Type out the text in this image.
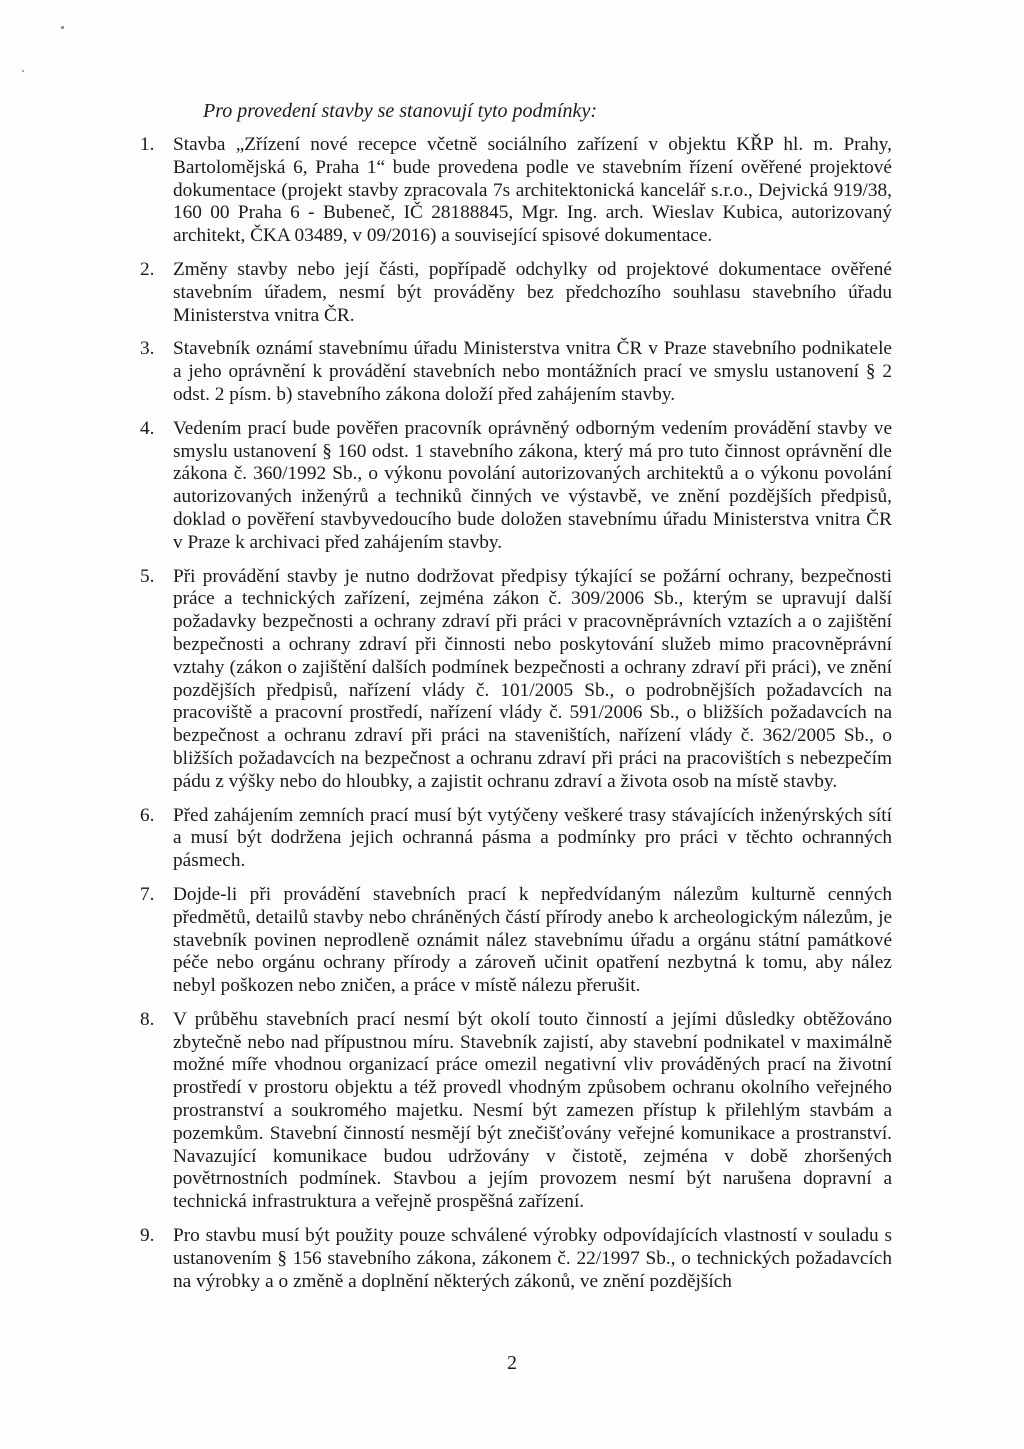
Pro provedení stavby se stanovují tyto podmínky:

1. Stavba „Zřízení nové recepce včetně sociálního zařízení v objektu KŘP hl. m. Prahy, Bartolomějská 6, Praha 1“ bude provedena podle ve stavebním řízení ověřené projektové dokumentace (projekt stavby zpracovala 7s architektonická kancelář s.r.o., Dejvická 919/38, 160 00 Praha 6 - Bubeneč, IČ 28188845, Mgr. Ing. arch. Wieslav Kubica, autorizovaný architekt, ČKA 03489, v 09/2016) a související spisové dokumentace.
2. Změny stavby nebo její části, popřípadě odchylky od projektové dokumentace ověřené stavebním úřadem, nesmí být prováděny bez předchozího souhlasu stavebního úřadu Ministerstva vnitra ČR.
3. Stavebník oznámí stavebnímu úřadu Ministerstva vnitra ČR v Praze stavebního podnikatele a jeho oprávnění k provádění stavebních nebo montážních prací ve smyslu ustanovení § 2 odst. 2 písm. b) stavebního zákona doloží před zahájením stavby.
4. Vedením prací bude pověřen pracovník oprávněný odborným vedením provádění stavby ve smyslu ustanovení § 160 odst. 1 stavebního zákona, který má pro tuto činnost oprávnění dle zákona č. 360/1992 Sb., o výkonu povolání autorizovaných architektů a o výkonu povolání autorizovaných inženýrů a techniků činných ve výstavbě, ve znění pozdějších předpisů, doklad o pověření stavbyvedoucího bude doložen stavebnímu úřadu Ministerstva vnitra ČR v Praze k archivaci před zahájením stavby.
5. Při provádění stavby je nutno dodržovat předpisy týkající se požární ochrany, bezpečnosti práce a technických zařízení, zejména zákon č. 309/2006 Sb., kterým se upravují další požadavky bezpečnosti a ochrany zdraví při práci v pracovněprávních vztazích a o zajištění bezpečnosti a ochrany zdraví při činnosti nebo poskytování služeb mimo pracovněprávní vztahy (zákon o zajištění dalších podmínek bezpečnosti a ochrany zdraví při práci), ve znění pozdějších předpisů, nařízení vlády č. 101/2005 Sb., o podrobnějších požadavcích na pracoviště a pracovní prostředí, nařízení vlády č. 591/2006 Sb., o bližších požadavcích na bezpečnost a ochranu zdraví při práci na staveništích, nařízení vlády č. 362/2005 Sb., o bližších požadavcích na bezpečnost a ochranu zdraví při práci na pracovištích s nebezpečím pádu z výšky nebo do hloubky, a zajistit ochranu zdraví a života osob na místě stavby.
6. Před zahájením zemních prací musí být vytýčeny veškeré trasy stávajících inženýrských sítí a musí být dodržena jejich ochranná pásma a podmínky pro práci v těchto ochranných pásmech.
7. Dojde-li při provádění stavebních prací k nepředvídaným nálezům kulturně cenných předmětů, detailů stavby nebo chráněných částí přírody anebo k archeologickým nálezům, je stavebník povinen neprodleně oznámit nález stavebnímu úřadu a orgánu státní památkové péče nebo orgánu ochrany přírody a zároveň učinit opatření nezbytná k tomu, aby nález nebyl poškozen nebo zničen, a práce v místě nálezu přerušit.
8. V průběhu stavebních prací nesmí být okolí touto činností a jejími důsledky obtěžováno zbytečně nebo nad přípustnou míru. Stavebník zajistí, aby stavební podnikatel v maximálně možné míře vhodnou organizací práce omezil negativní vliv prováděných prací na životní prostředí v prostoru objektu a též provedl vhodným způsobem ochranu okolního veřejného prostranství a soukromého majetku. Nesmí být zamezen přístup k přilehlým stavbám a pozemkům. Stavební činností nesmějí být znečišťovány veřejné komunikace a prostranství. Navazující komunikace budou udržovány v čistotě, zejména v době zhoršených povětrnostních podmínek. Stavbou a jejím provozem nesmí být narušena dopravní a technická infrastruktura a veřejně prospěšná zařízení.
9. Pro stavbu musí být použity pouze schválené výrobky odpovídajících vlastností v souladu s ustanovením § 156 stavebního zákona, zákonem č. 22/1997 Sb., o technických požadavcích na výrobky a o změně a doplnění některých zákonů, ve znění pozdějších
2
